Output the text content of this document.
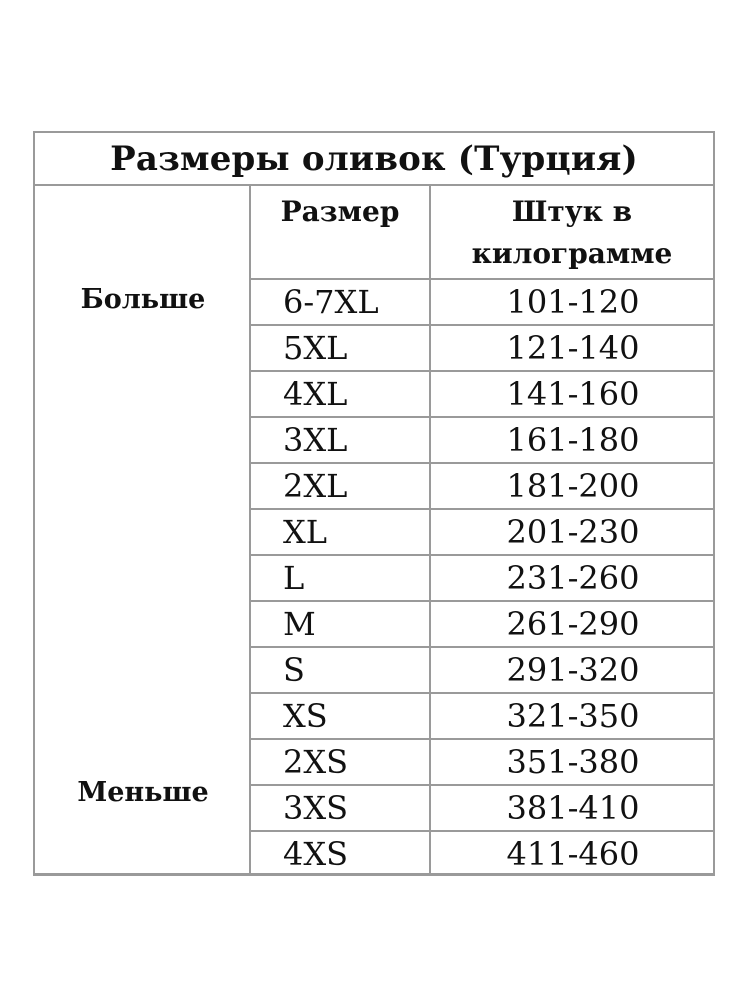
Размеры оливок (Турция)
Размер	Штук в
килограмме
Больше
Меньше
6-7XL	101-120
5XL	121-140
4XL	141-160
3XL	161-180
2XL	181-200
XL	201-230
L	231-260
M	261-290
S	291-320
XS	321-350
2XS	351-380
3XS	381-410
4XS	411-460
